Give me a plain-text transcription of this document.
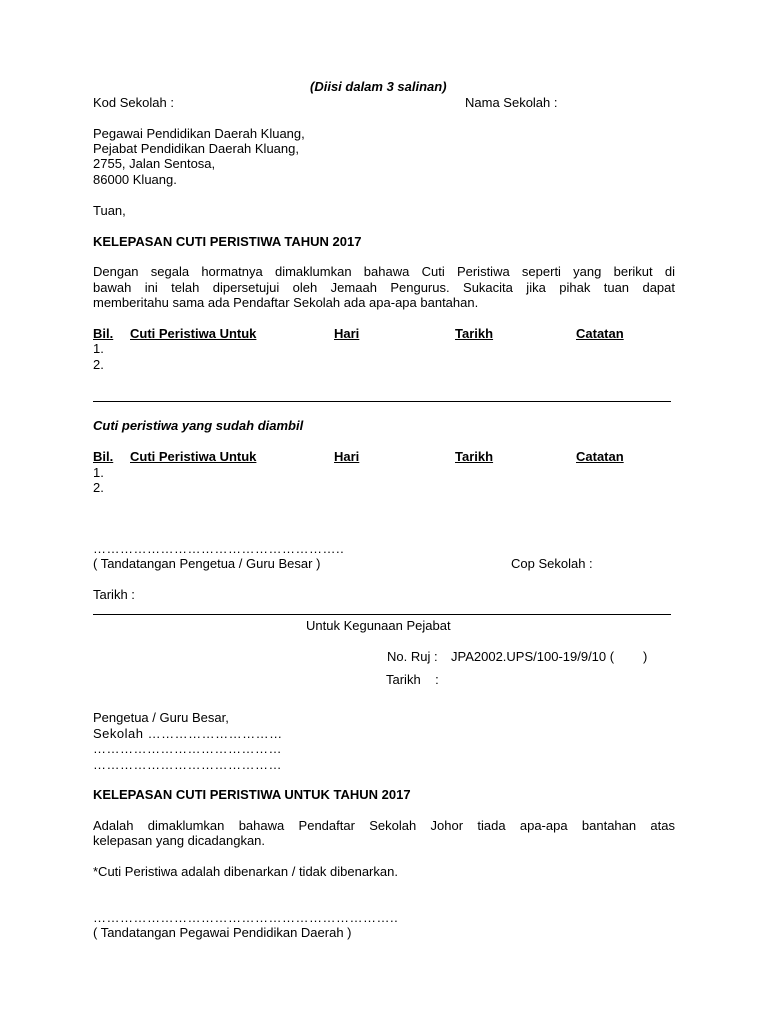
(Diisi dalam 3 salinan)
Kod Sekolah :	Nama Sekolah :
Pegawai Pendidikan Daerah Kluang,
Pejabat Pendidikan Daerah Kluang,
2755, Jalan Sentosa,
86000 Kluang.
Tuan,
KELEPASAN CUTI PERISTIWA TAHUN 2017
Dengan segala hormatnya dimaklumkan bahawa Cuti Peristiwa seperti yang berikut di
bawah ini telah dipersetujui oleh Jemaah Pengurus. Sukacita jika pihak tuan dapat
memberitahu sama ada Pendaftar Sekolah ada apa-apa bantahan.
Bil. Cuti Peristiwa Untuk	Hari	Tarikh	Catatan
1.
2.
Cuti peristiwa yang sudah diambil
Bil. Cuti Peristiwa Untuk	Hari	Tarikh	Catatan
1.
2.
………………………………………………..
( Tandatangan Pengetua / Guru Besar )	Cop Sekolah :
Tarikh :
Untuk Kegunaan Pejabat
No. Ruj : JPA2002.UPS/100-19/9/10 (        )
Tarikh    :
Pengetua / Guru Besar,
Sekolah …………………………
……………………………………
……………………………………
KELEPASAN CUTI PERISTIWA UNTUK TAHUN 2017
Adalah dimaklumkan bahawa Pendaftar Sekolah Johor tiada apa-apa bantahan atas
kelepasan yang dicadangkan.
*Cuti Peristiwa adalah dibenarkan / tidak dibenarkan.
…………………………………………………………..
( Tandatangan Pegawai Pendidikan Daerah )
